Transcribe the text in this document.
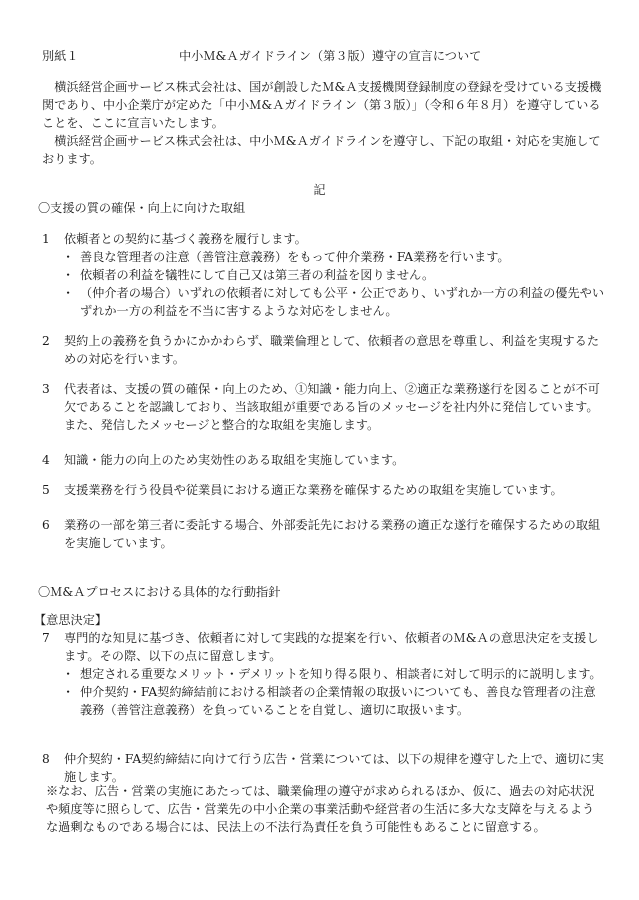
別紙１	中小Ｍ&Ａガイドライン（第３版）遵守の宣言について
横浜経営企画サービス株式会社は、国が創設したＭ&Ａ支援機関登録制度の登録を受けている支援機関であり、中小企業庁が定めた「中小Ｍ&Ａガイドライン（第３版）」（令和６年８月）を遵守していることを、ここに宣言いたします。
横浜経営企画サービス株式会社は、中小Ｍ&Ａガイドラインを遵守し、下記の取組・対応を実施しております。
記
〇支援の質の確保・向上に向けた取組
1	依頼者との契約に基づく義務を履行します。
・ 善良な管理者の注意（善管注意義務）をもって仲介業務・FA業務を行います。
・ 依頼者の利益を犠牲にして自己又は第三者の利益を図りません。
・ （仲介者の場合）いずれの依頼者に対しても公平・公正であり、いずれか一方の利益の優先やいずれか一方の利益を不当に害するような対応をしません。
2	契約上の義務を負うかにかかわらず、職業倫理として、依頼者の意思を尊重し、利益を実現するための対応を行います。
3	代表者は、支援の質の確保・向上のため、①知識・能力向上、②適正な業務遂行を図ることが不可欠であることを認識しており、当該取組が重要である旨のメッセージを社内外に発信しています。また、発信したメッセージと整合的な取組を実施します。
4	知識・能力の向上のため実効性のある取組を実施しています。
5	支援業務を行う役員や従業員における適正な業務を確保するための取組を実施しています。
6	業務の一部を第三者に委託する場合、外部委託先における業務の適正な遂行を確保するための取組を実施しています。
〇Ｍ&Ａプロセスにおける具体的な行動指針
【意思決定】
7	専門的な知見に基づき、依頼者に対して実践的な提案を行い、依頼者のＭ&Ａの意思決定を支援します。その際、以下の点に留意します。
・ 想定される重要なメリット・デメリットを知り得る限り、相談者に対して明示的に説明します。
・ 仲介契約・FA契約締結前における相談者の企業情報の取扱いについても、善良な管理者の注意義務（善管注意義務）を負っていることを自覚し、適切に取扱います。
8	仲介契約・FA契約締結に向けて行う広告・営業については、以下の規律を遵守した上で、適切に実施します。
※なお、広告・営業の実施にあたっては、職業倫理の遵守が求められるほか、仮に、過去の対応状況や頻度等に照らして、広告・営業先の中小企業の事業活動や経営者の生活に多大な支障を与えるような過剰なものである場合には、民法上の不法行為責任を負う可能性もあることに留意する。
